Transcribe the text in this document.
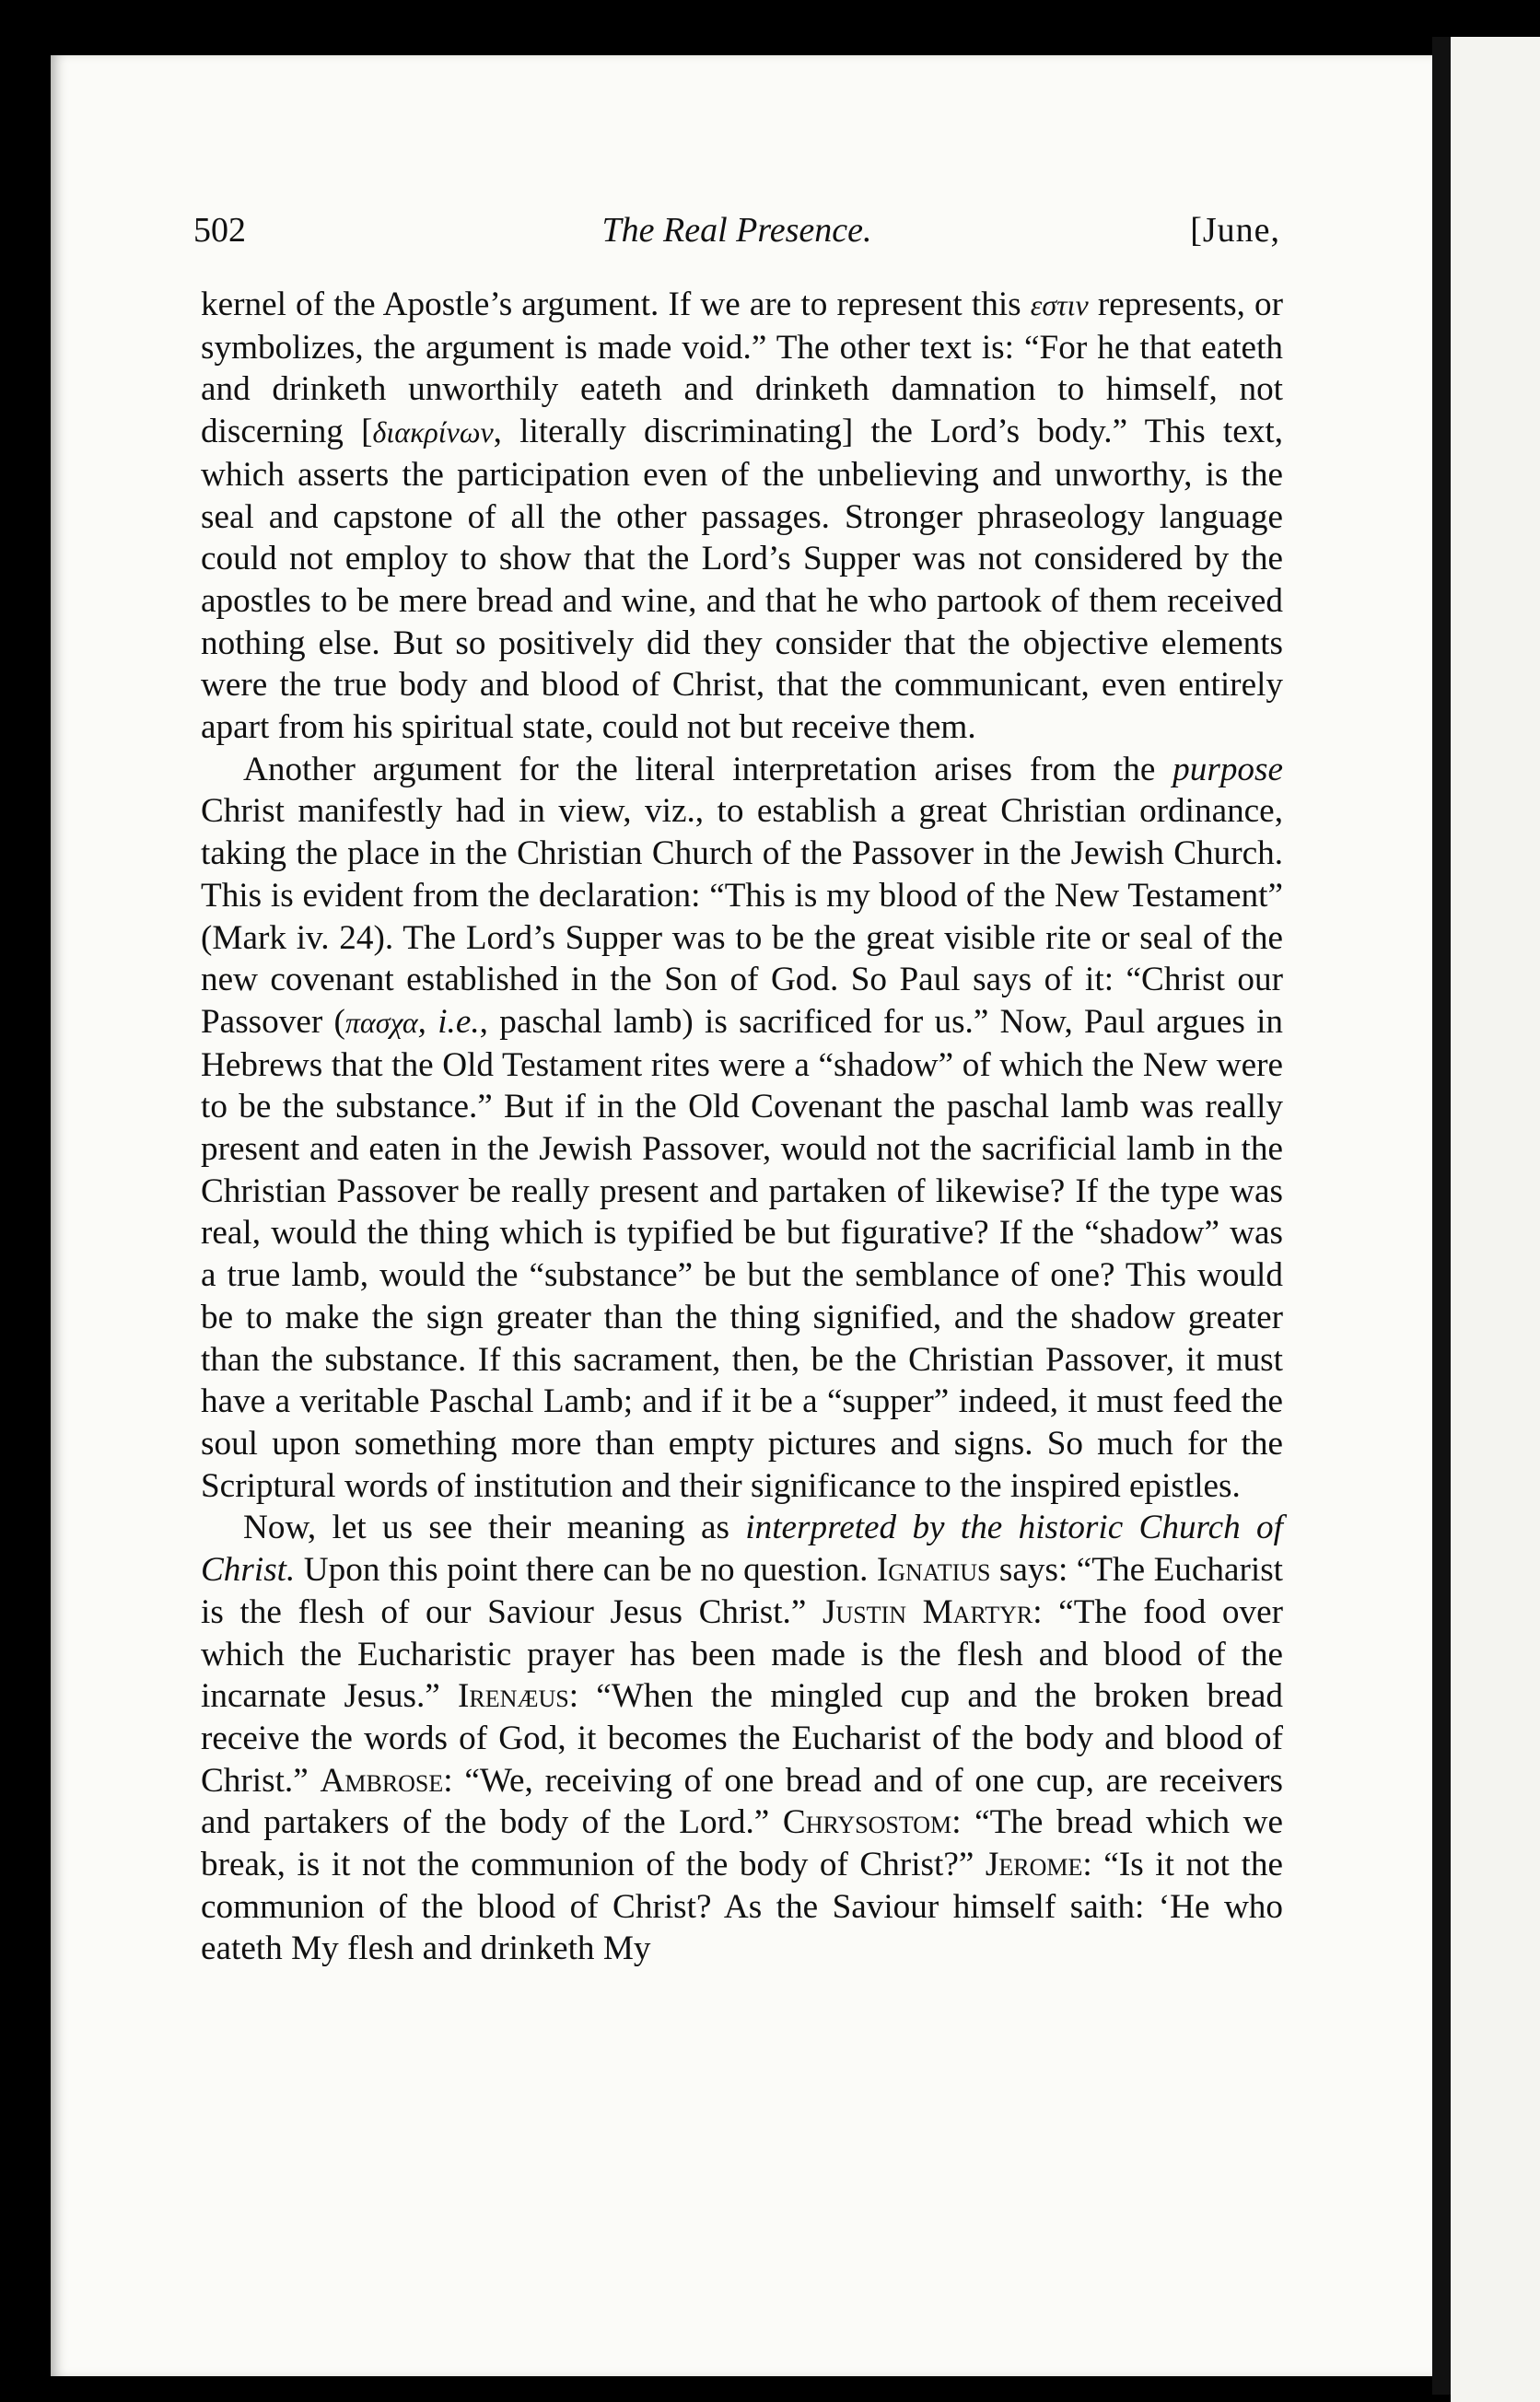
502	The Real Presence.	[June,

kernel of the Apostle’s argument. If we are to represent this εστιν represents, or symbolizes, the argument is made void.” The other text is: “For he that eateth and drinketh unworthily eateth and drinketh damnation to himself, not discerning [διακρίνων, literally discriminating] the Lord’s body.” This text, which asserts the participation even of the unbelieving and unworthy, is the seal and capstone of all the other passages. Stronger phraseology language could not employ to show that the Lord’s Supper was not considered by the apostles to be mere bread and wine, and that he who partook of them received nothing else. But so positively did they consider that the objective elements were the true body and blood of Christ, that the communicant, even entirely apart from his spiritual state, could not but receive them.

Another argument for the literal interpretation arises from the purpose Christ manifestly had in view, viz., to establish a great Christian ordinance, taking the place in the Christian Church of the Passover in the Jewish Church. This is evident from the declaration: “This is my blood of the New Testament” (Mark iv. 24). The Lord’s Supper was to be the great visible rite or seal of the new covenant established in the Son of God. So Paul says of it: “Christ our Passover (πασχα, i.e., paschal lamb) is sacrificed for us.” Now, Paul argues in Hebrews that the Old Testament rites were a “shadow” of which the New were to be the substance.” But if in the Old Covenant the paschal lamb was really present and eaten in the Jewish Passover, would not the sacrificial lamb in the Christian Passover be really present and partaken of likewise? If the type was real, would the thing which is typified be but figurative? If the “shadow” was a true lamb, would the “substance” be but the semblance of one? This would be to make the sign greater than the thing signified, and the shadow greater than the substance. If this sacrament, then, be the Christian Passover, it must have a veritable Paschal Lamb; and if it be a “supper” indeed, it must feed the soul upon something more than empty pictures and signs. So much for the Scriptural words of institution and their significance to the inspired epistles.

Now, let us see their meaning as interpreted by the historic Church of Christ. Upon this point there can be no question. Ignatius says: “The Eucharist is the flesh of our Saviour Jesus Christ.” Justin Martyr: “The food over which the Eucharistic prayer has been made is the flesh and blood of the incarnate Jesus.” Irenæus: “When the mingled cup and the broken bread receive the words of God, it becomes the Eucharist of the body and blood of Christ.” Ambrose: “We, receiving of one bread and of one cup, are receivers and partakers of the body of the Lord.” Chrysostom: “The bread which we break, is it not the communion of the body of Christ?” Jerome: “Is it not the communion of the blood of Christ? As the Saviour himself saith: ‘He who eateth My flesh and drinketh My
